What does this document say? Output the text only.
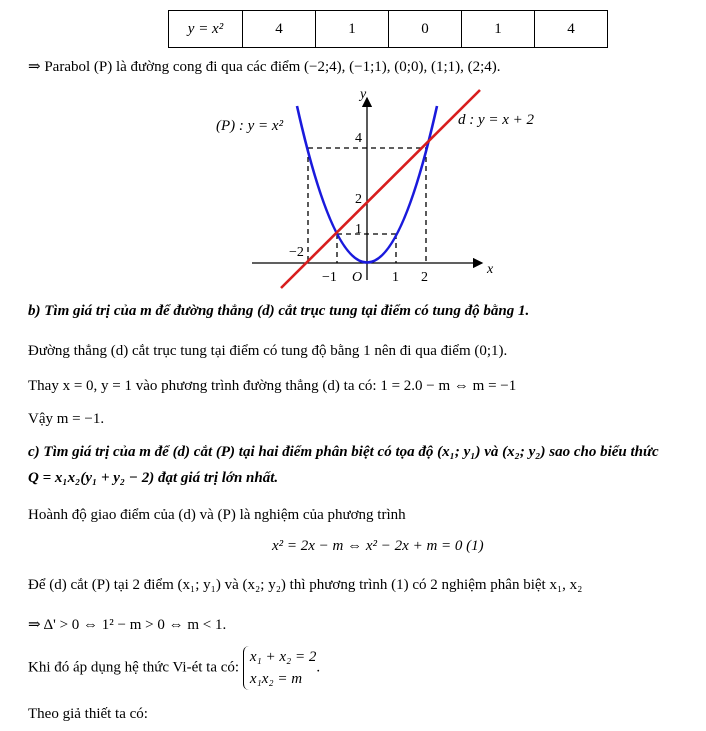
y = x²	4	1	0	1	4
⇒ Parabol (P) là đường cong đi qua các điểm (−2;4), (−1;1), (0;0), (1;1), (2;4).
−2
−1	1 2
1
2
4
O
x
y
(P) : y = x²	d : y = x + 2
b) Tìm giá trị của m để đường thẳng (d) cắt trục tung tại điểm có tung độ bằng 1.
Đường thẳng (d) cắt trục tung tại điểm có tung độ bằng 1 nên đi qua điểm (0;1).
Thay x = 0, y = 1 vào phương trình đường thẳng (d) ta có: 1 = 2.0 − m ⇔ m = −1
Vậy m = −1.
c) Tìm giá trị của m để (d) cắt (P) tại hai điểm phân biệt có tọa độ (x₁; y₁) và (x₂; y₂) sao cho biểu thức
Q = x₁x₂(y₁ + y₂ − 2) đạt giá trị lớn nhất.
Hoành độ giao điểm của (d) và (P) là nghiệm của phương trình
x² = 2x − m ⇔ x² − 2x + m = 0 (1)
Để (d) cắt (P) tại 2 điểm (x₁; y₁) và (x₂; y₂) thì phương trình (1) có 2 nghiệm phân biệt x₁, x₂
⇒ Δ' > 0 ⇔ 1² − m > 0 ⇔ m < 1.
Khi đó áp dụng hệ thức Vi-ét ta có: x₁ + x₂ = 2
x₁x₂ = m.
Theo giả thiết ta có:
